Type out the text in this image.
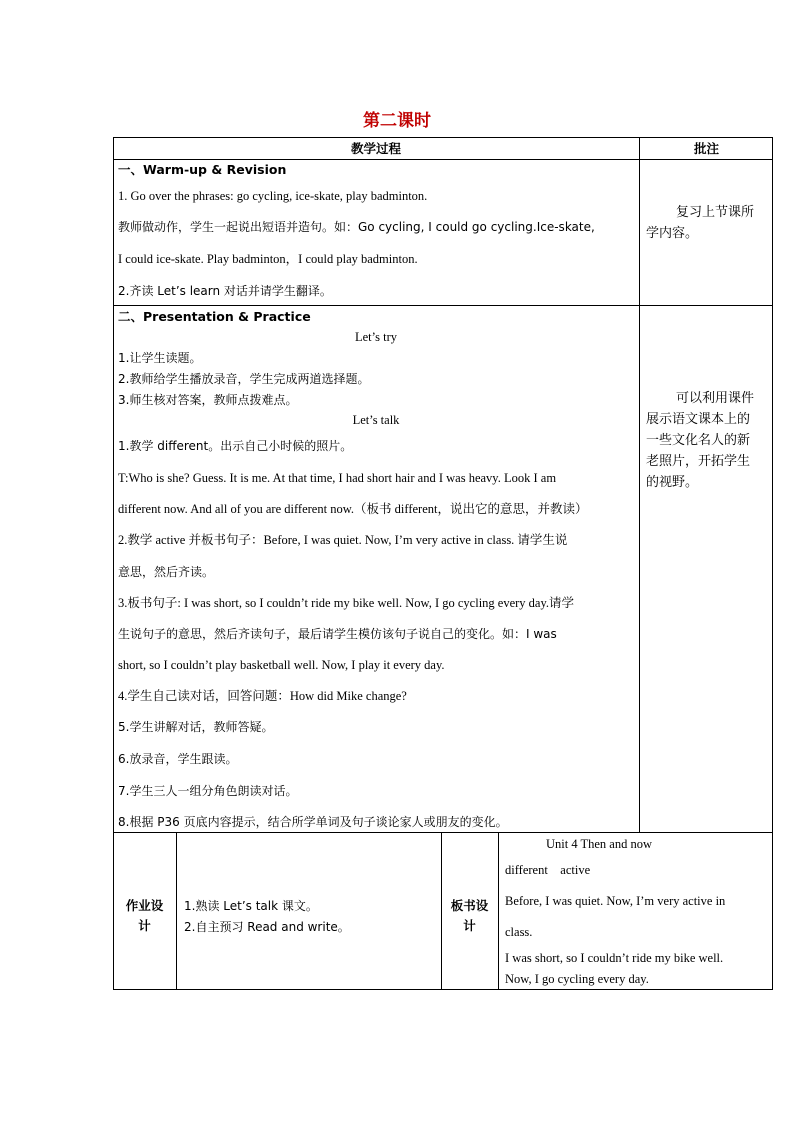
第二课时
教学过程	批注
一、Warm-up & Revision
1. Go over the phrases: go cycling, ice-skate, play badminton.
教师做动作，学生一起说出短语并造句。如：Go cycling, I could go cycling.Ice-skate,
I could ice-skate. Play badminton，I could play badminton.
2.齐读 Let’s learn 对话并请学生翻译。
复习上节课所
学内容。
二、Presentation & Practice
Let’s try
1.让学生读题。
2.教师给学生播放录音，学生完成两道选择题。
3.师生核对答案，教师点拨难点。
Let’s talk
1.教学 different。出示自己小时候的照片。
T:Who is she? Guess. It is me. At that time, I had short hair and I was heavy. Look I am
different now. And all of you are different now.（板书 different，说出它的意思，并教读）
2.教学 active 并板书句子：Before, I was quiet. Now, I’m very active in class. 请学生说
意思，然后齐读。
3.板书句子: I was short, so I couldn’t ride my bike well. Now, I go cycling every day.请学
生说句子的意思，然后齐读句子，最后请学生模仿该句子说自己的变化。如：I was
short, so I couldn’t play basketball well. Now, I play it every day.
4.学生自己读对话，回答问题：How did Mike change?
5.学生讲解对话，教师答疑。
6.放录音，学生跟读。
7.学生三人一组分角色朗读对话。
8.根据 P36 页底内容提示，结合所学单词及句子谈论家人或朋友的变化。
可以利用课件
展示语文课本上的
一些文化名人的新
老照片，开拓学生
的视野。
作业设
计
1.熟读 Let’s talk 课文。
2.自主预习 Read and write。
板书设
计
Unit 4 Then and now
different    active
Before, I was quiet. Now, I’m very active in
class.
I was short, so I couldn’t ride my bike well.
Now, I go cycling every day.
